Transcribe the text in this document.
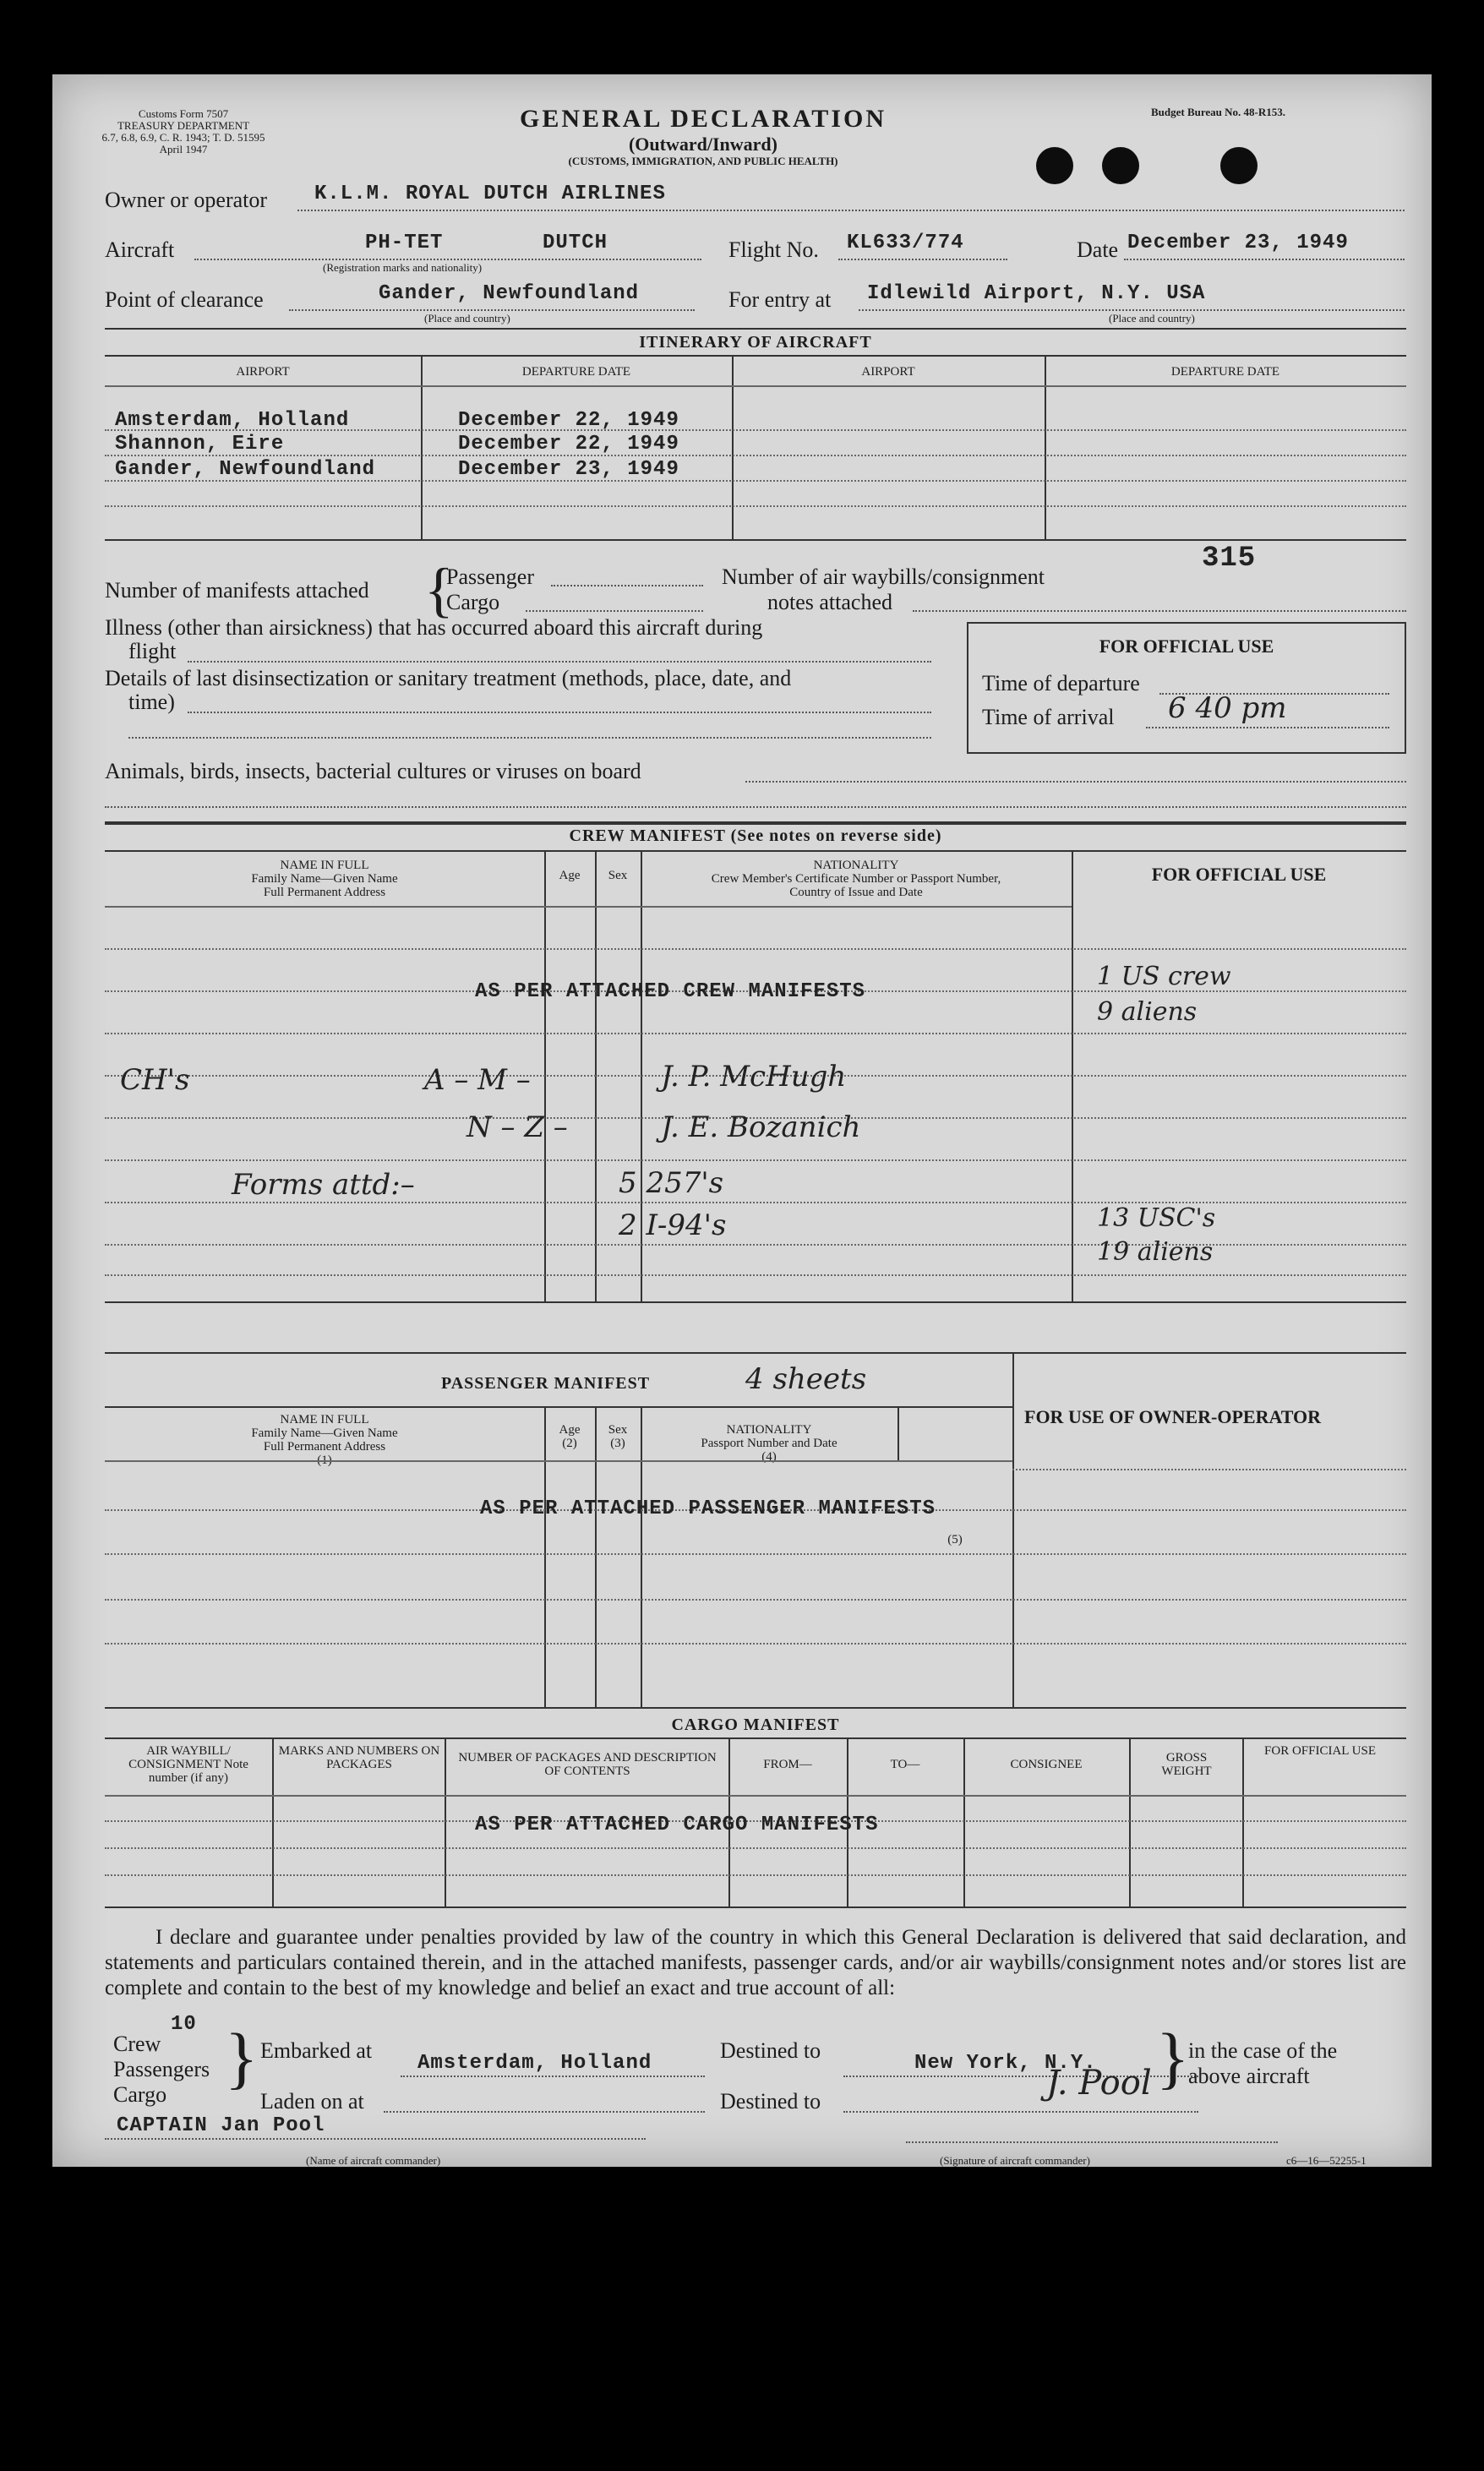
Customs Form 7507
TREASURY DEPARTMENT
6.7, 6.8, 6.9, C. R. 1943; T. D. 51595
April 1947
GENERAL DECLARATION
(Outward/Inward)
(CUSTOMS, IMMIGRATION, AND PUBLIC HEALTH)
Budget Bureau No. 48-R153.
Owner or operator K.L.M. ROYAL DUTCH AIRLINES
Aircraft	PH-TET	DUTCH
(Registration marks and nationality)
Flight No. KL633/774	Date December 23, 1949
Point of clearance	Gander, Newfoundland
(Place and country)
For entry at Idlewild Airport, N.Y. USA
(Place and country)
ITINERARY OF AIRCRAFT
AIRPORT	DEPARTURE DATE	AIRPORT	DEPARTURE DATE
Amsterdam, Holland	December 22, 1949
Shannon, Eire	December 22, 1949
Gander, Newfoundland	December 23, 1949
Number of manifests attached {
Passenger
Cargo
Number of air waybills/consignment
notes attached
315
Illness (other than airsickness) that has occurred aboard this aircraft during
flight
Details of last disinsectization or sanitary treatment (methods, place, date, and
time)
Animals, birds, insects, bacterial cultures or viruses on board
FOR OFFICIAL USE
Time of departure
Time of arrival 6 40 pm
CREW MANIFEST (See notes on reverse side)
NAME IN FULL
Family Name—Given Name
Full Permanent Address
Age	Sex
NATIONALITY
Crew Member's Certificate Number or Passport Number,
Country of Issue and Date
FOR OFFICIAL USE
AS PER ATTACHED CREW MANIFESTS
CH's	A – M –	J. P. McHugh
N – Z –	J. E. Bozanich
Forms attd:–	5 257's
2 I-94's
1 US crew
9 aliens
13 USC's
19 aliens
PASSENGER MANIFEST	4 sheets
FOR USE OF OWNER-OPERATOR
NAME IN FULL
Family Name—Given Name
Full Permanent Address
(1)
Age
(2)
Sex
(3)
NATIONALITY
Passport Number and Date
(4)
(5)
AS PER ATTACHED PASSENGER MANIFESTS
CARGO MANIFEST
AIR WAYBILL/ CONSIGNMENT Note number (if any)
MARKS AND NUMBERS ON PACKAGES	NUMBER OF PACKAGES AND DESCRIPTION OF CONTENTS	FROM—	TO—	CONSIGNEE	GROSS WEIGHT
FOR OFFICIAL USE
AS PER ATTACHED CARGO MANIFESTS
I declare and guarantee under penalties provided by law of the country in which this General Declaration is delivered that said declaration, and statements and particulars contained therein, and in the attached manifests, passenger cards, and/or air waybills/consignment notes and/or stores list are complete and contain to the best of my knowledge and belief an exact and true account of all:
Crew
10
Passengers
Cargo } Embarked at
Amsterdam, Holland
Laden on at
Destined to
New York, N.Y.
Destined to
}
in the case of the
above aircraft
CAPTAIN Jan Pool
(Name of aircraft commander)
J. Pool
(Signature of aircraft commander)	c6—16—52255-1
